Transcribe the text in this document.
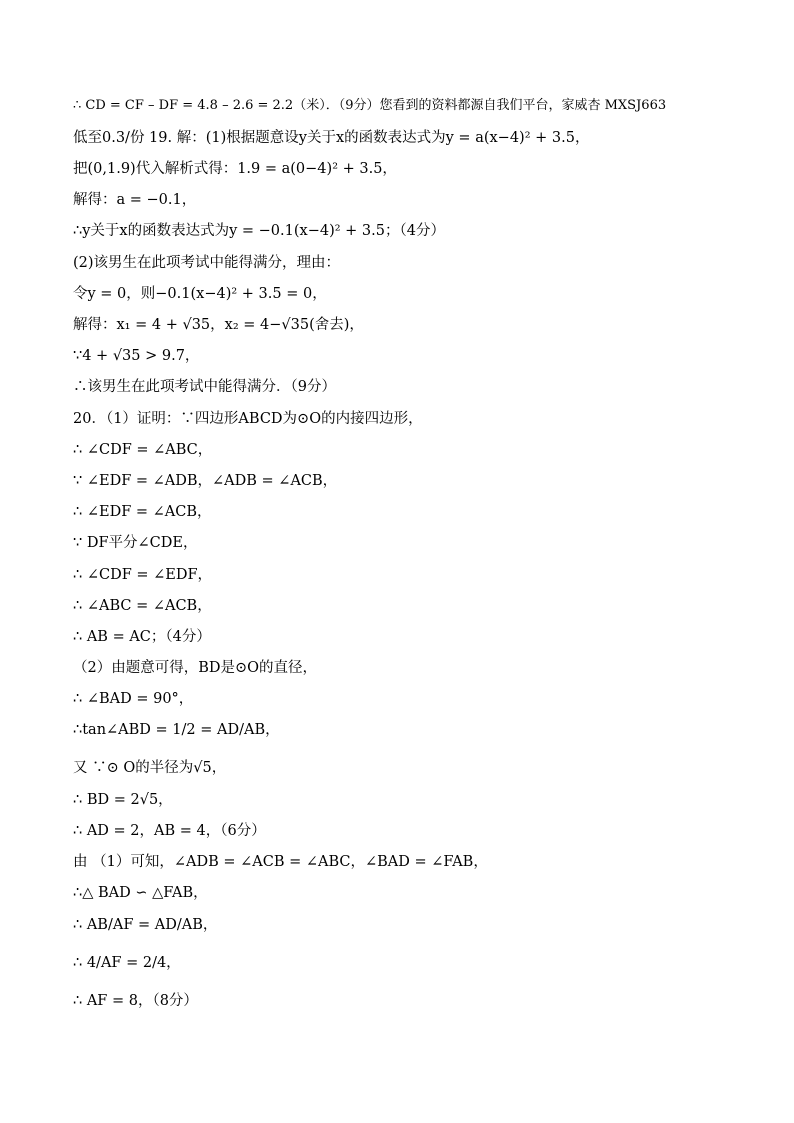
∴ CD = CF – DF = 4.8 – 2.6 = 2.2（米）．（9分）您看到的资料都源自我们平台，家威杏 MXSJ663
低至0.3/份 19. 解：(1)根据题意设y关于x的函数表达式为y = a(x−4)² + 3.5，
把(0,1.9)代入解析式得：1.9 = a(0−4)² + 3.5，
解得：a = −0.1，
∴y关于x的函数表达式为y = −0.1(x−4)² + 3.5；（4分）
(2)该男生在此项考试中能得满分，理由：
令y = 0，则−0.1(x−4)² + 3.5 = 0，
解得：x₁ = 4 + √35，x₂ = 4−√35(舍去)，
∵4 + √35 > 9.7，
∴该男生在此项考试中能得满分．（9分）
20．（1）证明：∵四边形ABCD为⊙O的内接四边形，
∴ ∠CDF = ∠ABC，
∵ ∠EDF = ∠ADB，∠ADB = ∠ACB，
∴ ∠EDF = ∠ACB，
∵ DF平分∠CDE，
∴ ∠CDF = ∠EDF，
∴ ∠ABC = ∠ACB，
∴ AB = AC；（4分）
（2）由题意可得，BD是⊙O的直径，
∴ ∠BAD = 90°，
∴tan∠ABD = 1/2 = AD/AB，
又 ∵⊙ O的半径为√5，
∴ BD = 2√5，
∴ AD = 2，AB = 4，（6分）
由 （1）可知，∠ADB = ∠ACB = ∠ABC，∠BAD = ∠FAB，
∴△ BAD ∽ △FAB，
∴ AB/AF = AD/AB，
∴ 4/AF = 2/4，
∴ AF = 8，（8分）
